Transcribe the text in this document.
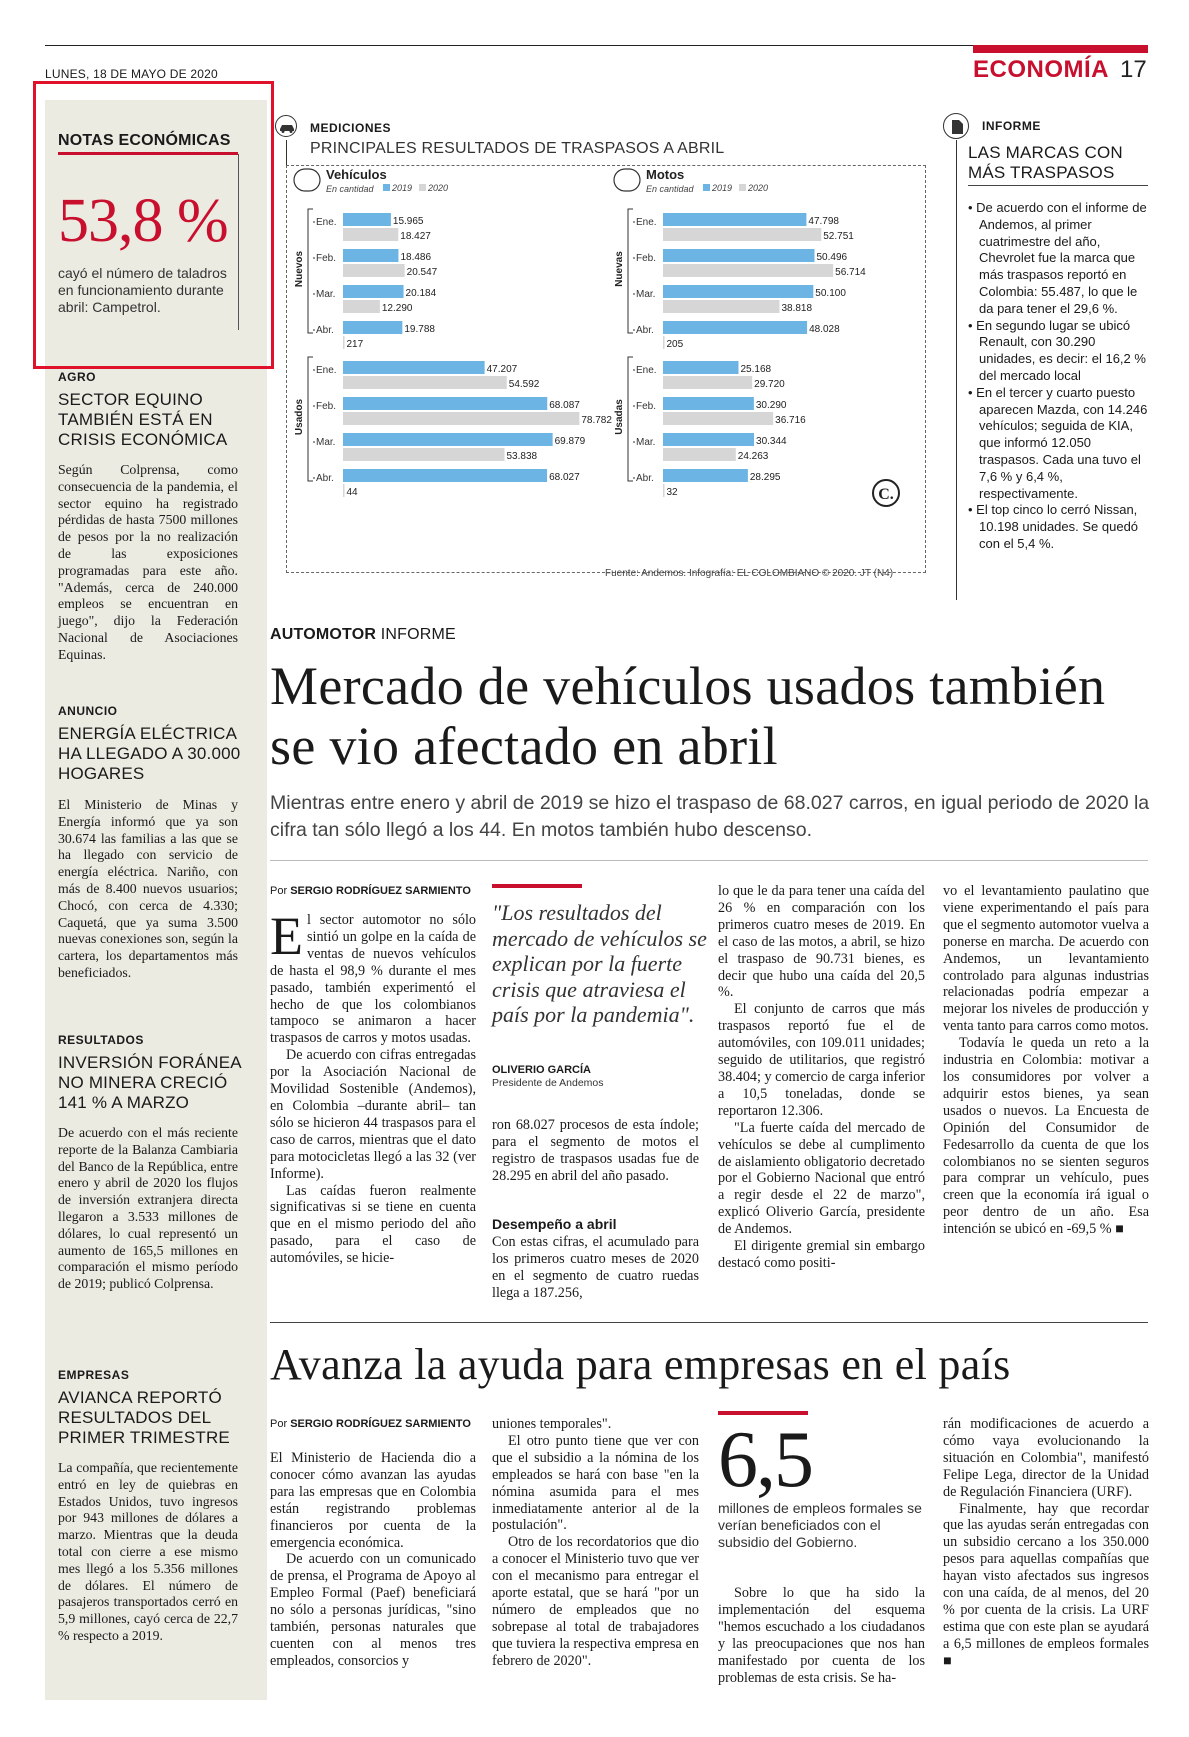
LUNES, 18 DE MAYO DE 2020	ECONOMÍA 17
NOTAS ECONÓMICAS
53,8 %
cayó el número de taladros en funcionamiento durante abril: Campetrol.
AGRO
SECTOR EQUINO TAMBIÉN ESTÁ EN CRISIS ECONÓMICA
Según Colprensa, como consecuencia de la pandemia, el sector equino ha registrado pérdidas de hasta 7500 millones de pesos por la no realización de las exposiciones programadas para este año. "Además, cerca de 240.000 empleos se encuentran en juego", dijo la Federación Nacional de Asociaciones Equinas.
ANUNCIO
ENERGÍA ELÉCTRICA HA LLEGADO A 30.000 HOGARES
El Ministerio de Minas y Energía informó que ya son 30.674 las familias a las que se ha llegado con servicio de energía eléctrica. Nariño, con más de 8.400 nuevos usuarios; Chocó, con cerca de 4.330; Caquetá, que ya suma 3.500 nuevas conexiones son, según la cartera, los departamentos más beneficiados.
RESULTADOS
INVERSIÓN FORÁNEA NO MINERA CRECIÓ 141 % A MARZO
De acuerdo con el más reciente reporte de la Balanza Cambiaria del Banco de la República, entre enero y abril de 2020 los flujos de inversión extranjera directa llegaron a 3.533 millones de dólares, lo cual representó un aumento de 165,5 millones en comparación el mismo período de 2019; publicó Colprensa.
EMPRESAS
AVIANCA REPORTÓ RESULTADOS DEL PRIMER TRIMESTRE
La compañía, que recientemente entró en ley de quiebras en Estados Unidos, tuvo ingresos por 943 millones de dólares a marzo. Mientras que la deuda total con cierre a ese mismo mes llegó a los 5.356 millones de dólares. El número de pasajeros transportados cerró en 5,9 millones, cayó cerca de 22,7 % respecto a 2019.
MEDICIONES
PRINCIPALES RESULTADOS DE TRASPASOS A ABRIL
Vehículos
En cantidad 2019 2020
Nuevos
Ene.	15.965
18.427
Feb.	18.486
20.547
Mar.	20.184
12.290
Abr.	19.788
217
Usados
Ene.	47.207
54.592
Feb.	68.087
78.782
Mar.	69.879
53.838
Abr.	68.027
44
Motos
En cantidad 2019 2020
Nuevas
Ene.	47.798
52.751
Feb.	50.496
56.714
Mar.	50.100
38.818
Abr.	48.028
205
Usadas
Ene.	25.168
29.720
Feb.	30.290
36.716
Mar.	30.344
24.263
Abr.	28.295
32	C.
Fuente: Andemos. Infografía: EL COLOMBIANO © 2020. JT (N4)
INFORME
LAS MARCAS CON MÁS TRASPASOS
• De acuerdo con el informe de Andemos, al primer cuatrimestre del año, Chevrolet fue la marca que más traspasos reportó en Colombia: 55.487, lo que le da para tener el 29,6 %.
• En segundo lugar se ubicó Renault, con 30.290 unidades, es decir: el 16,2 % del mercado local
• En el tercer y cuarto puesto aparecen Mazda, con 14.246 vehículos; seguida de KIA, que informó 12.050 traspasos. Cada una tuvo el 7,6 % y 6,4 %, respectivamente.
• El top cinco lo cerró Nissan, 10.198 unidades. Se quedó con el 5,4 %.
AUTOMOTOR INFORME
Mercado de vehículos usados también se vio afectado en abril
Mientras entre enero y abril de 2019 se hizo el traspaso de 68.027 carros, en igual periodo de 2020 la cifra tan sólo llegó a los 44. En motos también hubo descenso.
Por SERGIO RODRÍGUEZ SARMIENTO

El sector automotor no sólo sintió un golpe en la caída de ventas de nuevos vehículos de hasta el 98,9 % durante el mes pasado, también experimentó el hecho de que los colombianos tampoco se animaron a hacer traspasos de carros y motos usadas.

De acuerdo con cifras entregadas por la Asociación Nacional de Movilidad Sostenible (Andemos), en Colombia –durante abril– tan sólo se hicieron 44 traspasos para el caso de carros, mientras que el dato para motocicletas llegó a las 32 (ver Informe).

Las caídas fueron realmente significativas si se tiene en cuenta que en el mismo periodo del año pasado, para el caso de automóviles, se hicie-

"Los resultados del mercado de vehículos se explican por la fuerte crisis que atraviesa el país por la pandemia".
OLIVERIO GARCÍA
Presidente de Andemos

ron 68.027 procesos de esta índole; para el segmento de motos el registro de traspasos usadas fue de 28.295 en abril del año pasado.

Desempeño a abril

Con estas cifras, el acumulado para los primeros cuatro meses de 2020 en el segmento de cuatro ruedas llega a 187.256,

lo que le da para tener una caída del 26 % en comparación con los primeros cuatro meses de 2019. En el caso de las motos, a abril, se hizo el traspaso de 90.731 bienes, es decir que hubo una caída del 20,5 %.

El conjunto de carros que más traspasos reportó fue el de automóviles, con 109.011 unidades; seguido de utilitarios, que registró 38.404; y comercio de carga inferior a 10,5 toneladas, donde se reportaron 12.306.

"La fuerte caída del mercado de vehículos se debe al cumplimento de aislamiento obligatorio decretado por el Gobierno Nacional que entró a regir desde el 22 de marzo", explicó Oliverio García, presidente de Andemos.

El dirigente gremial sin embargo destacó como positi-

vo el levantamiento paulatino que viene experimentando el país para que el segmento automotor vuelva a ponerse en marcha. De acuerdo con Andemos, un levantamiento controlado para algunas industrias relacionadas podría empezar a mejorar los niveles de producción y venta tanto para carros como motos.

Todavía le queda un reto a la industria en Colombia: motivar a los consumidores por volver a adquirir estos bienes, ya sean usados o nuevos. La Encuesta de Opinión del Consumidor de Fedesarrollo da cuenta de que los colombianos no se sienten seguros para comprar un vehículo, pues creen que la economía irá igual o peor dentro de un año. Esa intención se ubicó en -69,5 % ■

Avanza la ayuda para empresas en el país
Por SERGIO RODRÍGUEZ SARMIENTO

El Ministerio de Hacienda dio a conocer cómo avanzan las ayudas para las empresas que en Colombia están registrando problemas financieros por cuenta de la emergencia económica.

De acuerdo con un comunicado de prensa, el Programa de Apoyo al Empleo Formal (Paef) beneficiará no sólo a personas jurídicas, "sino también, personas naturales que cuenten con al menos tres empleados, consorcios y

uniones temporales".

El otro punto tiene que ver con que el subsidio a la nómina de los empleados se hará con base "en la nómina asumida para el mes inmediatamente anterior al de la postulación".

Otro de los recordatorios que dio a conocer el Ministerio tuvo que ver con el mecanismo para entregar el aporte estatal, que se hará "por un número de empleados que no sobrepase al total de trabajadores que tuviera la respectiva empresa en febrero de 2020".

6,5
millones de empleos formales se verían beneficiados con el subsidio del Gobierno.

Sobre lo que ha sido la implementación del esquema "hemos escuchado a los ciudadanos y las preocupaciones que nos han manifestado por cuenta de los problemas de esta crisis. Se ha-

rán modificaciones de acuerdo a cómo vaya evolucionando la situación en Colombia", manifestó Felipe Lega, director de la Unidad de Regulación Financiera (URF).

Finalmente, hay que recordar que las ayudas serán entregadas con un subsidio cercano a los 350.000 pesos para aquellas compañías que hayan visto afectados sus ingresos con una caída, de al menos, del 20 % por cuenta de la crisis. La URF estima que con este plan se ayudará a 6,5 millones de empleos formales ■
